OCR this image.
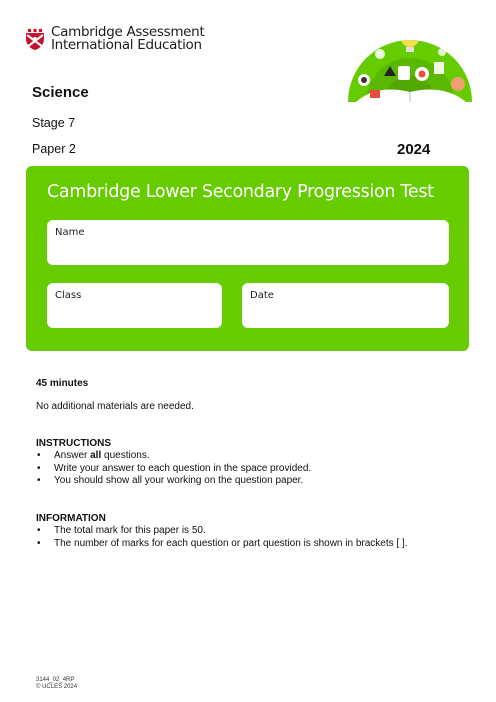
Cambridge Assessment
International Education
Science
Stage 7
Paper 2	2024
Cambridge Lower Secondary Progression Test
Name
Class	Date
45 minutes
No additional materials are needed.
INSTRUCTIONS
• Answer all questions.
• Write your answer to each question in the space provided.
• You should show all your working on the question paper.
INFORMATION
• The total mark for this paper is 50.
• The number of marks for each question or part question is shown in brackets [ ].
3144_02_4RP
© UCLES 2024
